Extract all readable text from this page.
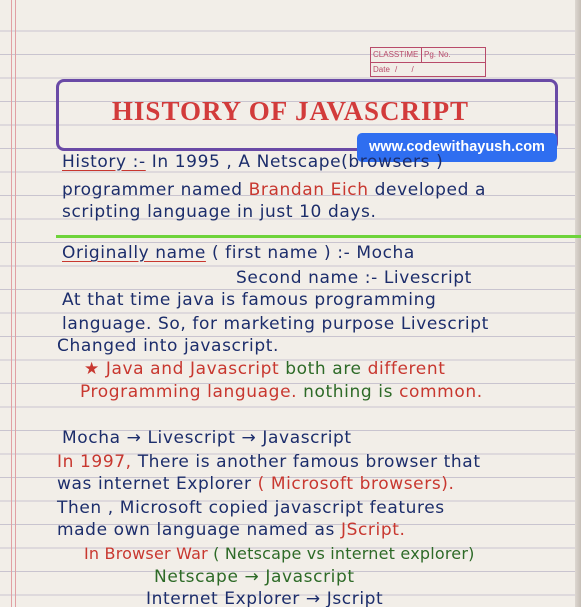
CLASSTIME Pg. No.
Date / /
HISTORY OF JAVASCRIPT
www.codewithayush.com
History :- In 1995 , A Netscape(browsers )
programmer named Brandan Eich developed a
scripting language in just 10 days.
Originally name ( first name ) :- Mocha
Second name :- Livescript
At that time java is famous programming
language. So, for marketing purpose Livescript
Changed into javascript.
★ Java and Javascript both are different
Programming language. nothing is common.
Mocha → Livescript → Javascript
In 1997, There is another famous browser that
was internet Explorer ( Microsoft browsers).
Then , Microsoft copied javascript features
made own language named as JScript.
In Browser War ( Netscape vs internet explorer)
Netscape → Javascript
Internet Explorer → Jscript
